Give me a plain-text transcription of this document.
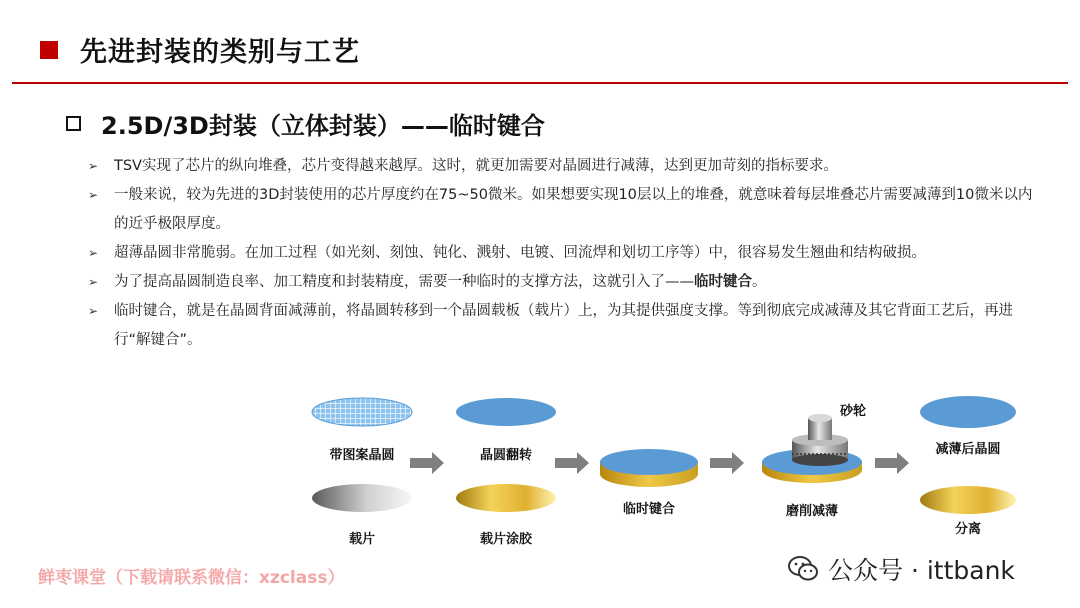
先进封装的类别与工艺
2.5D/3D封装（立体封装）——临时键合
➢	TSV实现了芯片的纵向堆叠，芯片变得越来越厚。这时，就更加需要对晶圆进行减薄，达到更加苛刻的指标要求。
➢	一般来说，较为先进的3D封装使用的芯片厚度约在75~50微米。如果想要实现10层以上的堆叠，就意味着每层堆叠芯片需要减薄到10微米以内的近乎极限厚度。
➢	超薄晶圆非常脆弱。在加工过程（如光刻、刻蚀、钝化、溅射、电镀、回流焊和划切工序等）中，很容易发生翘曲和结构破损。
➢	为了提高晶圆制造良率、加工精度和封装精度，需要一种临时的支撑方法，这就引入了——临时键合。
➢	临时键合，就是在晶圆背面减薄前，将晶圆转移到一个晶圆载板（载片）上，为其提供强度支撑。等到彻底完成减薄及其它背面工艺后，再进行“解键合”。
带图案晶圆
载片
晶圆翻转
载片涂胶
临时键合
砂轮
磨削减薄
减薄后晶圆
分离
鲜枣课堂（下载请联系微信：xzclass）	公众号 · ittbank
